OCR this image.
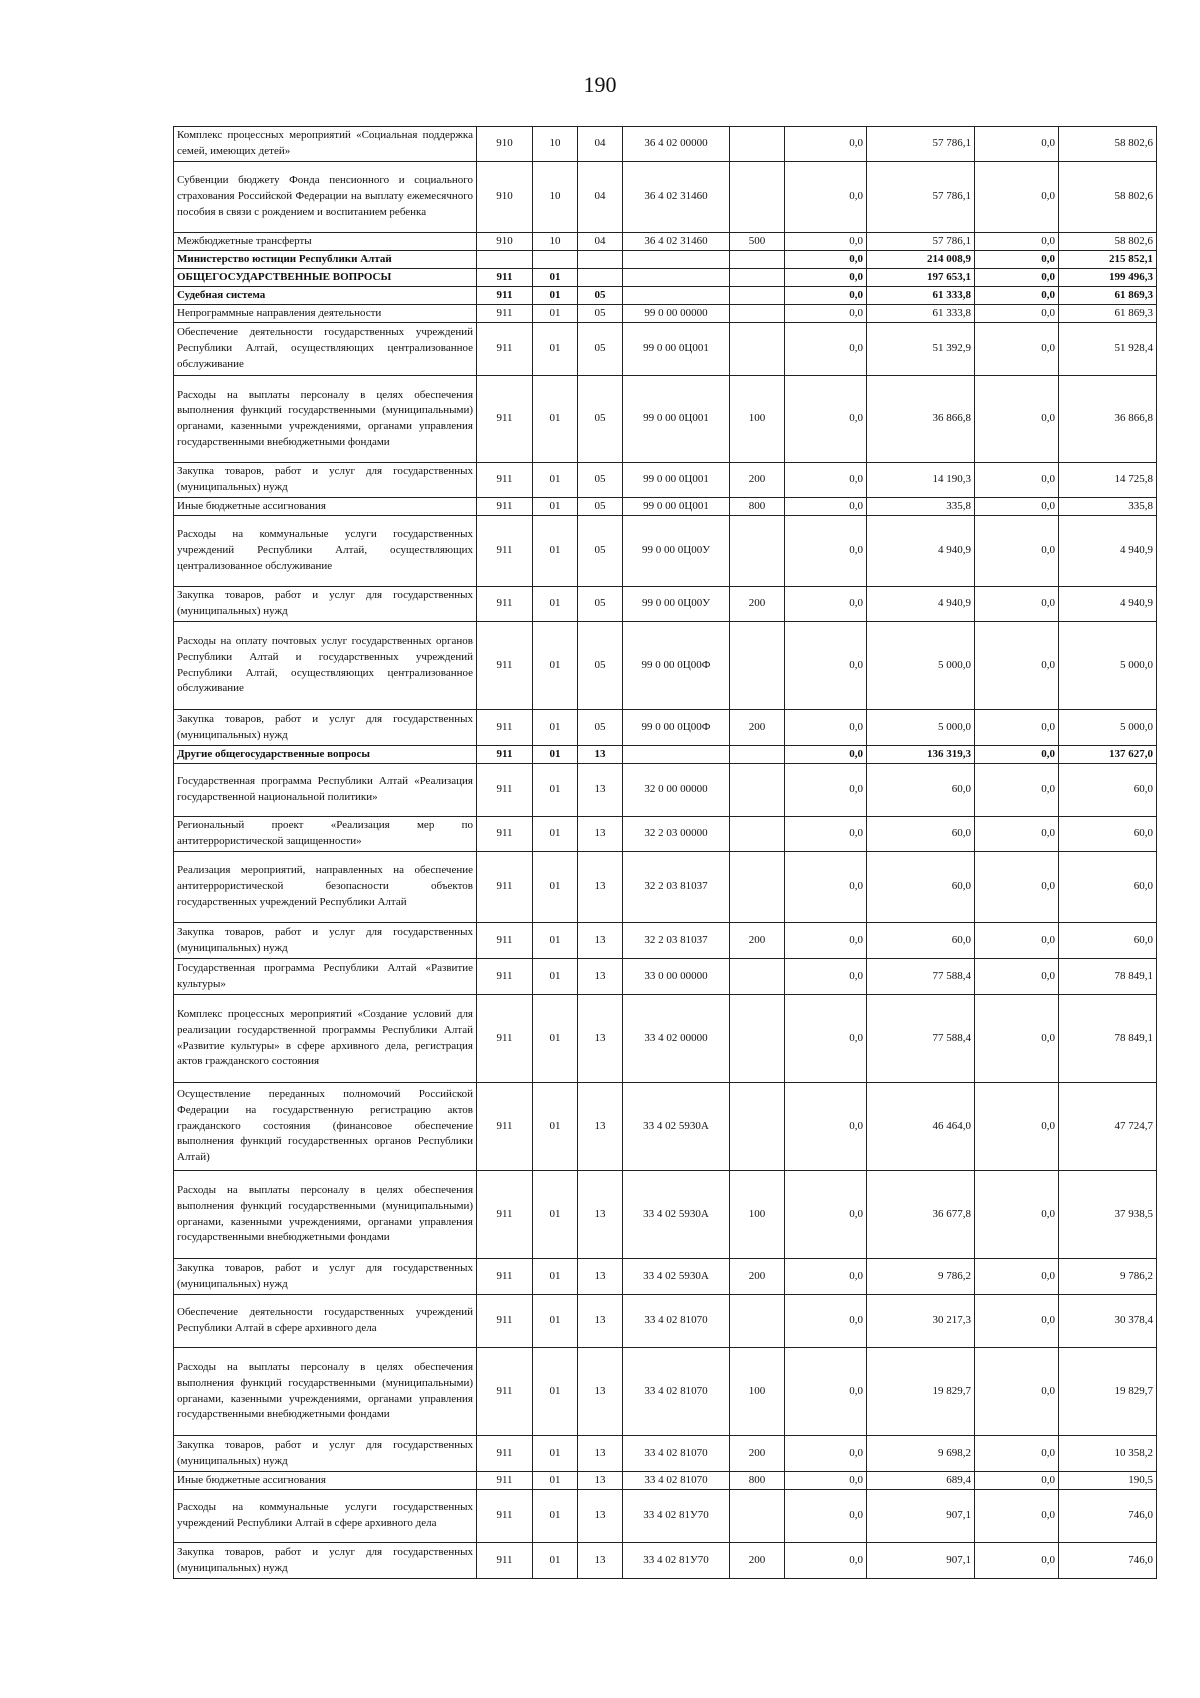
190
Комплекс процессных мероприятий «Социальная поддержка семей, имеющих детей»	910	10	04	36 4 02 00000		0,0	57 786,1	0,0	58 802,6
Субвенции бюджету Фонда пенсионного и социального страхования Российской Федерации на выплату ежемесячного пособия в связи с рождением и воспитанием ребенка	910	10	04	36 4 02 31460		0,0	57 786,1	0,0	58 802,6
Межбюджетные трансферты	910	10	04	36 4 02 31460	500	0,0	57 786,1	0,0	58 802,6
Министерство юстиции Республики Алтай						0,0	214 008,9	0,0	215 852,1
ОБЩЕГОСУДАРСТВЕННЫЕ ВОПРОСЫ	911	01				0,0	197 653,1	0,0	199 496,3
Судебная система	911	01	05			0,0	61 333,8	0,0	61 869,3
Непрограммные направления деятельности	911	01	05	99 0 00 00000		0,0	61 333,8	0,0	61 869,3
Обеспечение деятельности государственных учреждений Республики Алтай, осуществляющих централизованное обслуживание	911	01	05	99 0 00 0Ц001		0,0	51 392,9	0,0	51 928,4
Расходы на выплаты персоналу в целях обеспечения выполнения функций государственными (муниципальными) органами, казенными учреждениями, органами управления государственными внебюджетными фондами	911	01	05	99 0 00 0Ц001	100	0,0	36 866,8	0,0	36 866,8
Закупка товаров, работ и услуг для государственных (муниципальных) нужд	911	01	05	99 0 00 0Ц001	200	0,0	14 190,3	0,0	14 725,8
Иные бюджетные ассигнования	911	01	05	99 0 00 0Ц001	800	0,0	335,8	0,0	335,8
Расходы на коммунальные услуги государственных учреждений Республики Алтай, осуществляющих централизованное обслуживание	911	01	05	99 0 00 0Ц00У		0,0	4 940,9	0,0	4 940,9
Закупка товаров, работ и услуг для государственных (муниципальных) нужд	911	01	05	99 0 00 0Ц00У	200	0,0	4 940,9	0,0	4 940,9
Расходы на оплату почтовых услуг государственных органов Республики Алтай и государственных учреждений Республики Алтай, осуществляющих централизованное обслуживание	911	01	05	99 0 00 0Ц00Ф		0,0	5 000,0	0,0	5 000,0
Закупка товаров, работ и услуг для государственных (муниципальных) нужд	911	01	05	99 0 00 0Ц00Ф	200	0,0	5 000,0	0,0	5 000,0
Другие общегосударственные вопросы	911	01	13			0,0	136 319,3	0,0	137 627,0
Государственная программа Республики Алтай «Реализация государственной национальной политики»	911	01	13	32 0 00 00000		0,0	60,0	0,0	60,0
Региональный проект «Реализация мер по антитеррористической защищенности»	911	01	13	32 2 03 00000		0,0	60,0	0,0	60,0
Реализация мероприятий, направленных на обеспечение антитеррористической безопасности объектов государственных учреждений Республики Алтай	911	01	13	32 2 03 81037		0,0	60,0	0,0	60,0
Закупка товаров, работ и услуг для государственных (муниципальных) нужд	911	01	13	32 2 03 81037	200	0,0	60,0	0,0	60,0
Государственная программа Республики Алтай «Развитие культуры»	911	01	13	33 0 00 00000		0,0	77 588,4	0,0	78 849,1
Комплекс процессных мероприятий «Создание условий для реализации государственной программы Республики Алтай «Развитие культуры» в сфере архивного дела, регистрация актов гражданского состояния	911	01	13	33 4 02 00000		0,0	77 588,4	0,0	78 849,1
Осуществление переданных полномочий Российской Федерации на государственную регистрацию актов гражданского состояния (финансовое обеспечение выполнения функций государственных органов Республики Алтай)	911	01	13	33 4 02 5930А		0,0	46 464,0	0,0	47 724,7
Расходы на выплаты персоналу в целях обеспечения выполнения функций государственными (муниципальными) органами, казенными учреждениями, органами управления государственными внебюджетными фондами	911	01	13	33 4 02 5930А	100	0,0	36 677,8	0,0	37 938,5
Закупка товаров, работ и услуг для государственных (муниципальных) нужд	911	01	13	33 4 02 5930А	200	0,0	9 786,2	0,0	9 786,2
Обеспечение деятельности государственных учреждений Республики Алтай в сфере архивного дела	911	01	13	33 4 02 81070		0,0	30 217,3	0,0	30 378,4
Расходы на выплаты персоналу в целях обеспечения выполнения функций государственными (муниципальными) органами, казенными учреждениями, органами управления государственными внебюджетными фондами	911	01	13	33 4 02 81070	100	0,0	19 829,7	0,0	19 829,7
Закупка товаров, работ и услуг для государственных (муниципальных) нужд	911	01	13	33 4 02 81070	200	0,0	9 698,2	0,0	10 358,2
Иные бюджетные ассигнования	911	01	13	33 4 02 81070	800	0,0	689,4	0,0	190,5
Расходы на коммунальные услуги государственных учреждений Республики Алтай в сфере архивного дела	911	01	13	33 4 02 81У70		0,0	907,1	0,0	746,0
Закупка товаров, работ и услуг для государственных (муниципальных) нужд	911	01	13	33 4 02 81У70	200	0,0	907,1	0,0	746,0
